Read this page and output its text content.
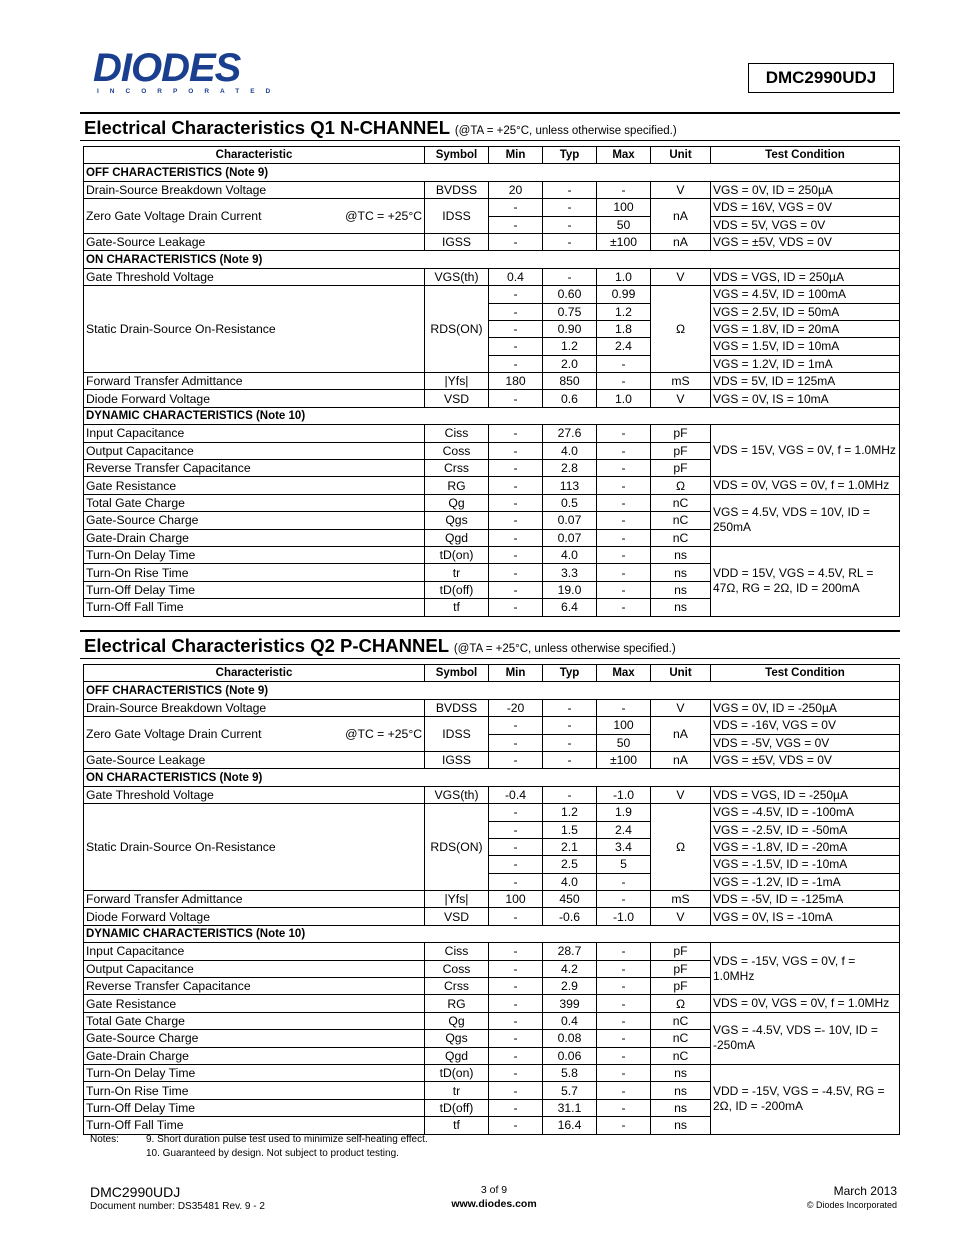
DIODES
INCORPORATED
DMC2990UDJ
Electrical Characteristics Q1 N-CHANNEL (@TA = +25°C, unless otherwise specified.)
Characteristic	Symbol	Min	Typ	Max	Unit	Test Condition
OFF CHARACTERISTICS (Note 9)						
Drain-Source Breakdown Voltage	BVDSS	20	-	-	V	VGS = 0V, ID = 250µA

Zero Gate Voltage Drain Current @TC = +25°C	IDSS	-	-	100	nA	VDS = 16V, VGS = 0V
		-	-	50		VDS = 5V, VGS = 0V
Gate-Source Leakage	IGSS	-	-	±100	nA	VGS = ±5V, VDS = 0V
ON CHARACTERISTICS (Note 9)						
Gate Threshold Voltage	VGS(th)	0.4	-	1.0	V	VDS = VGS, ID = 250µA
Static Drain-Source On-Resistance	RDS(ON)	-	0.60	0.99	Ω	VGS = 4.5V, ID = 100mA
		-	0.75	1.2		VGS = 2.5V, ID = 50mA
		-	0.90	1.8		VGS = 1.8V, ID = 20mA
		-	1.2	2.4		VGS = 1.5V, ID = 10mA
		-	2.0	-		VGS = 1.2V, ID = 1mA
Forward Transfer Admittance	|Yfs|	180	850	-	mS	VDS = 5V, ID = 125mA
Diode Forward Voltage	VSD	-	0.6	1.0	V	VGS = 0V, IS = 10mA
DYNAMIC CHARACTERISTICS (Note 10)						
Input Capacitance	Ciss	-	27.6	-	pF	VDS = 15V, VGS = 0V, f = 1.0MHz
Output Capacitance	Coss	-	4.0	-	pF	
Reverse Transfer Capacitance	Crss	-	2.8	-	pF	
Gate Resistance	RG	-	113	-	Ω	VDS = 0V, VGS = 0V, f = 1.0MHz
Total Gate Charge	Qg	-	0.5	-	nC	VGS = 4.5V, VDS = 10V, ID = 250mA
Gate-Source Charge	Qgs	-	0.07	-	nC	
Gate-Drain Charge	Qgd	-	0.07	-	nC	
Turn-On Delay Time	tD(on)	-	4.0	-	ns	VDD = 15V, VGS = 4.5V, RL = 47Ω, RG = 2Ω, ID = 200mA
Turn-On Rise Time	tr	-	3.3	-	ns	
Turn-Off Delay Time	tD(off)	-	19.0	-	ns	
Turn-Off Fall Time	tf	-	6.4	-	ns	
Electrical Characteristics Q2 P-CHANNEL (@TA = +25°C, unless otherwise specified.)
Characteristic	Symbol	Min	Typ	Max	Unit	Test Condition
OFF CHARACTERISTICS (Note 9)						
Drain-Source Breakdown Voltage	BVDSS	-20	-	-	V	VGS = 0V, ID = -250µA

Zero Gate Voltage Drain Current @TC = +25°C	IDSS	-	-	100	nA	VDS = -16V, VGS = 0V
		-	-	50		VDS = -5V, VGS = 0V
Gate-Source Leakage	IGSS	-	-	±100	nA	VGS = ±5V, VDS = 0V
ON CHARACTERISTICS (Note 9)						
Gate Threshold Voltage	VGS(th)	-0.4	-	-1.0	V	VDS = VGS, ID = -250µA
Static Drain-Source On-Resistance	RDS(ON)	-	1.2	1.9	Ω	VGS = -4.5V, ID = -100mA
		-	1.5	2.4		VGS = -2.5V, ID = -50mA
		-	2.1	3.4		VGS = -1.8V, ID = -20mA
		-	2.5	5		VGS = -1.5V, ID = -10mA
		-	4.0	-		VGS = -1.2V, ID = -1mA
Forward Transfer Admittance	|Yfs|	100	450	-	mS	VDS = -5V, ID = -125mA
Diode Forward Voltage	VSD	-	-0.6	-1.0	V	VGS = 0V, IS = -10mA
DYNAMIC CHARACTERISTICS (Note 10)						
Input Capacitance	Ciss	-	28.7	-	pF	VDS = -15V, VGS = 0V, f = 1.0MHz
Output Capacitance	Coss	-	4.2	-	pF	
Reverse Transfer Capacitance	Crss	-	2.9	-	pF	
Gate Resistance	RG	-	399	-	Ω	VDS = 0V, VGS = 0V, f = 1.0MHz
Total Gate Charge	Qg	-	0.4	-	nC	VGS = -4.5V, VDS =- 10V, ID = -250mA
Gate-Source Charge	Qgs	-	0.08	-	nC	
Gate-Drain Charge	Qgd	-	0.06	-	nC	
Turn-On Delay Time	tD(on)	-	5.8	-	ns	VDD = -15V, VGS = -4.5V, RG = 2Ω, ID = -200mA
Turn-On Rise Time	tr	-	5.7	-	ns	
Turn-Off Delay Time	tD(off)	-	31.1	-	ns	
Turn-Off Fall Time	tf	-	16.4	-	ns	
Notes:	9. Short duration pulse test used to minimize self-heating effect.
10. Guaranteed by design. Not subject to product testing.
DMC2990UDJ
Document number: DS35481 Rev. 9 - 2
3 of 9
www.diodes.com
March 2013
© Diodes Incorporated
